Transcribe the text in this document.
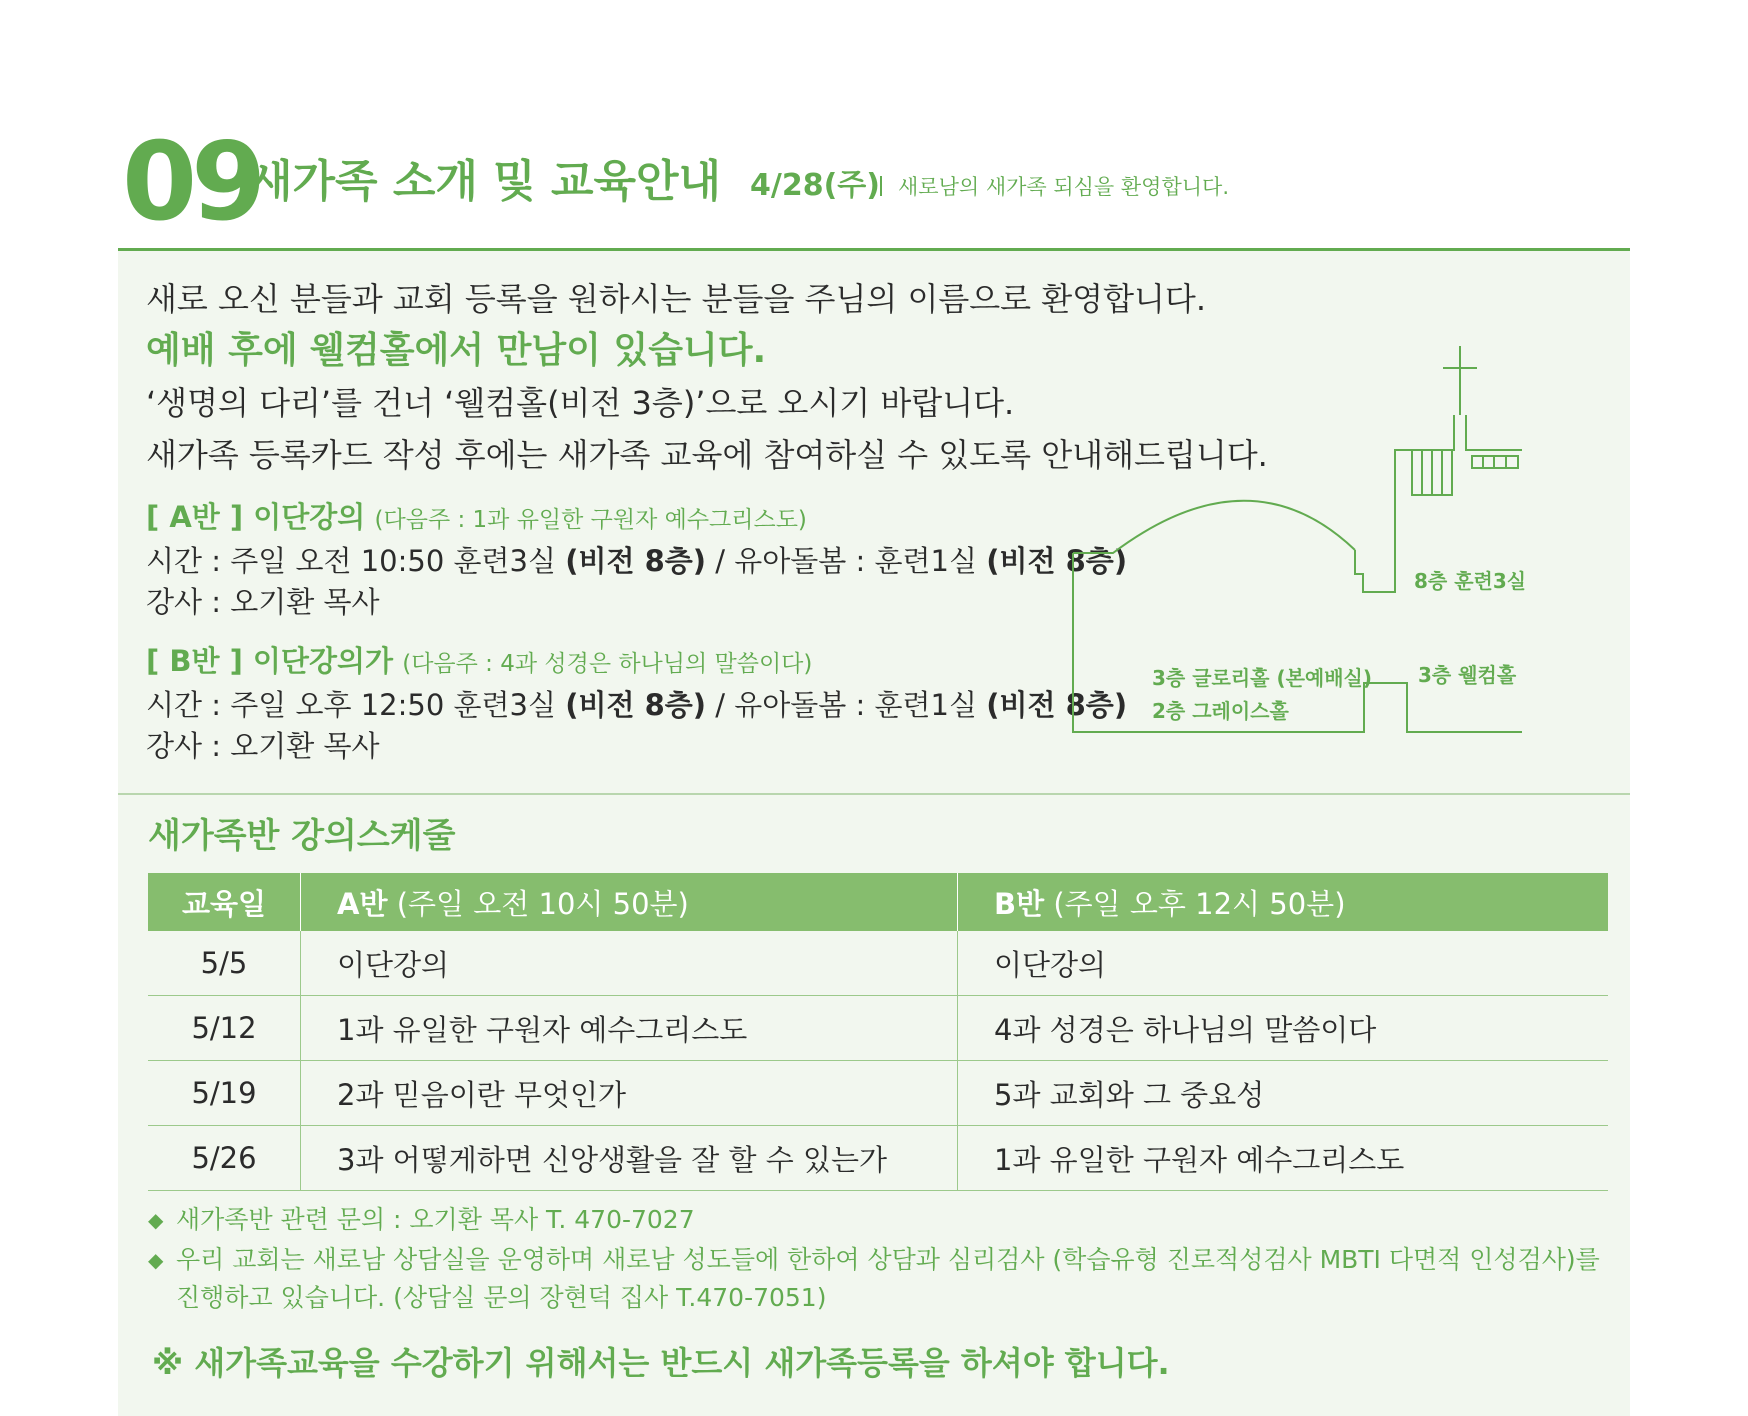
09
새가족 소개 및 교육안내 4/28(주) 새로남의 새가족 되심을 환영합니다.
새로 오신 분들과 교회 등록을 원하시는 분들을 주님의 이름으로 환영합니다.
예배 후에 웰컴홀에서 만남이 있습니다.
‘생명의 다리’를 건너 ‘웰컴홀(비전 3층)’으로 오시기 바랍니다.
새가족 등록카드 작성 후에는 새가족 교육에 참여하실 수 있도록 안내해드립니다.
[ A반 ] 이단강의 (다음주 : 1과 유일한 구원자 예수그리스도)
시간 : 주일 오전 10:50 훈련3실 (비전 8층) / 유아돌봄 : 훈련1실 (비전 8층)
강사 : 오기환 목사
[ B반 ] 이단강의가 (다음주 : 4과 성경은 하나님의 말씀이다)
시간 : 주일 오후 12:50 훈련3실 (비전 8층) / 유아돌봄 : 훈련1실 (비전 8층)
강사 : 오기환 목사
새가족반 강의스케줄
교육일	A반 (주일 오전 10시 50분)	B반 (주일 오후 12시 50분)
5/5	이단강의	이단강의
5/12	1과 유일한 구원자 예수그리스도	4과 성경은 하나님의 말씀이다
5/19	2과 믿음이란 무엇인가	5과 교회와 그 중요성
5/26	3과 어떻게하면 신앙생활을 잘 할 수 있는가	1과 유일한 구원자 예수그리스도
◆ 새가족반 관련 문의 : 오기환 목사 T. 470-7027
◆ 우리 교회는 새로남 상담실을 운영하며 새로남 성도들에 한하여 상담과 심리검사 (학습유형 진로적성검사 MBTI 다면적 인성검사)를
진행하고 있습니다. (상담실 문의 장현덕 집사 T.470-7051)
※ 새가족교육을 수강하기 위해서는 반드시 새가족등록을 하셔야 합니다.
8층 훈련3실
3층 웰컴홀
3층 글로리홀 (본예배실)
2층 그레이스홀
